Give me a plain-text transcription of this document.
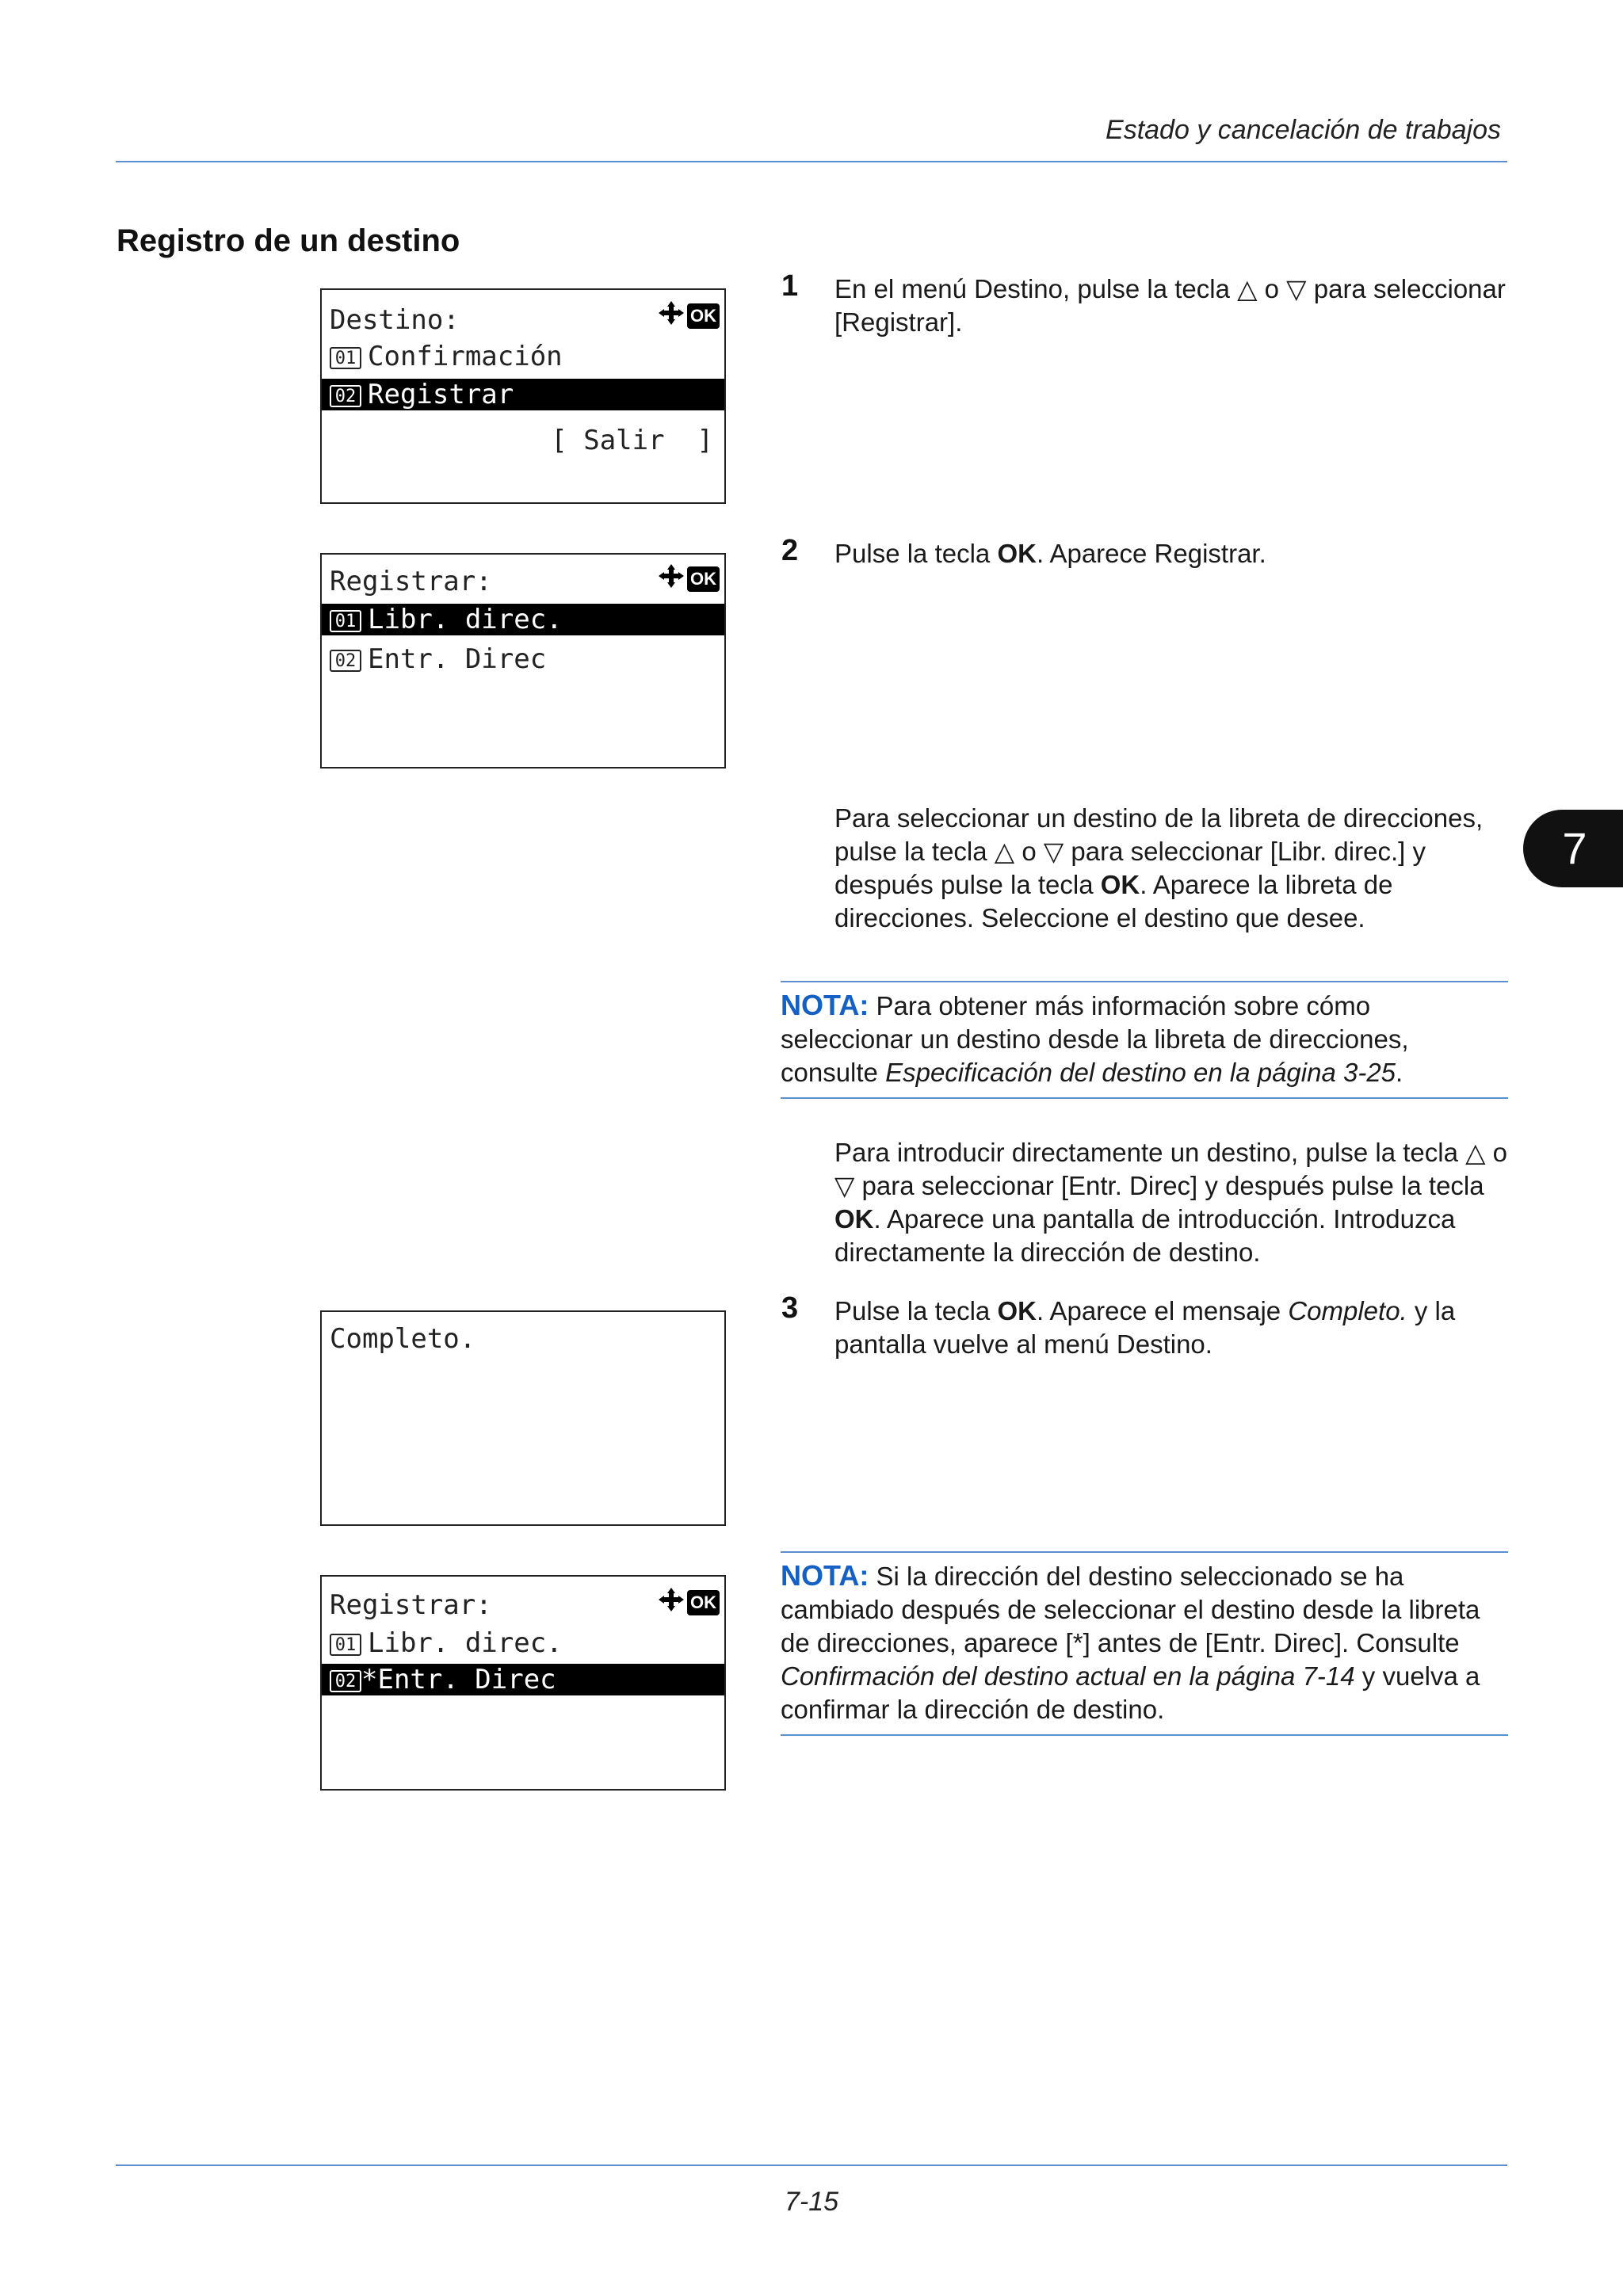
Estado y cancelación de trabajos
Registro de un destino
Destino:	OK
01 Confirmación
02 Registrar
[ Salir  ]
Registrar:	OK
01 Libr. direc.
02 Entr. Direc
Completo.
Registrar:	OK
01 Libr. direc.
02 *Entr. Direc
1 En el menú Destino, pulse la tecla △ o ▽ para seleccionar [Registrar].
2 Pulse la tecla OK. Aparece Registrar.
Para seleccionar un destino de la libreta de direcciones, pulse la tecla △ o ▽ para seleccionar [Libr. direc.] y después pulse la tecla OK. Aparece la libreta de direcciones. Seleccione el destino que desee.
NOTA: Para obtener más información sobre cómo seleccionar un destino desde la libreta de direcciones, consulte Especificación del destino en la página 3-25.
Para introducir directamente un destino, pulse la tecla △ o ▽ para seleccionar [Entr. Direc] y después pulse la tecla OK. Aparece una pantalla de introducción. Introduzca directamente la dirección de destino.
3 Pulse la tecla OK. Aparece el mensaje Completo. y la pantalla vuelve al menú Destino.
NOTA: Si la dirección del destino seleccionado se ha cambiado después de seleccionar el destino desde la libreta de direcciones, aparece [*] antes de [Entr. Direc]. Consulte Confirmación del destino actual en la página 7-14 y vuelva a confirmar la dirección de destino.
7
7-15
